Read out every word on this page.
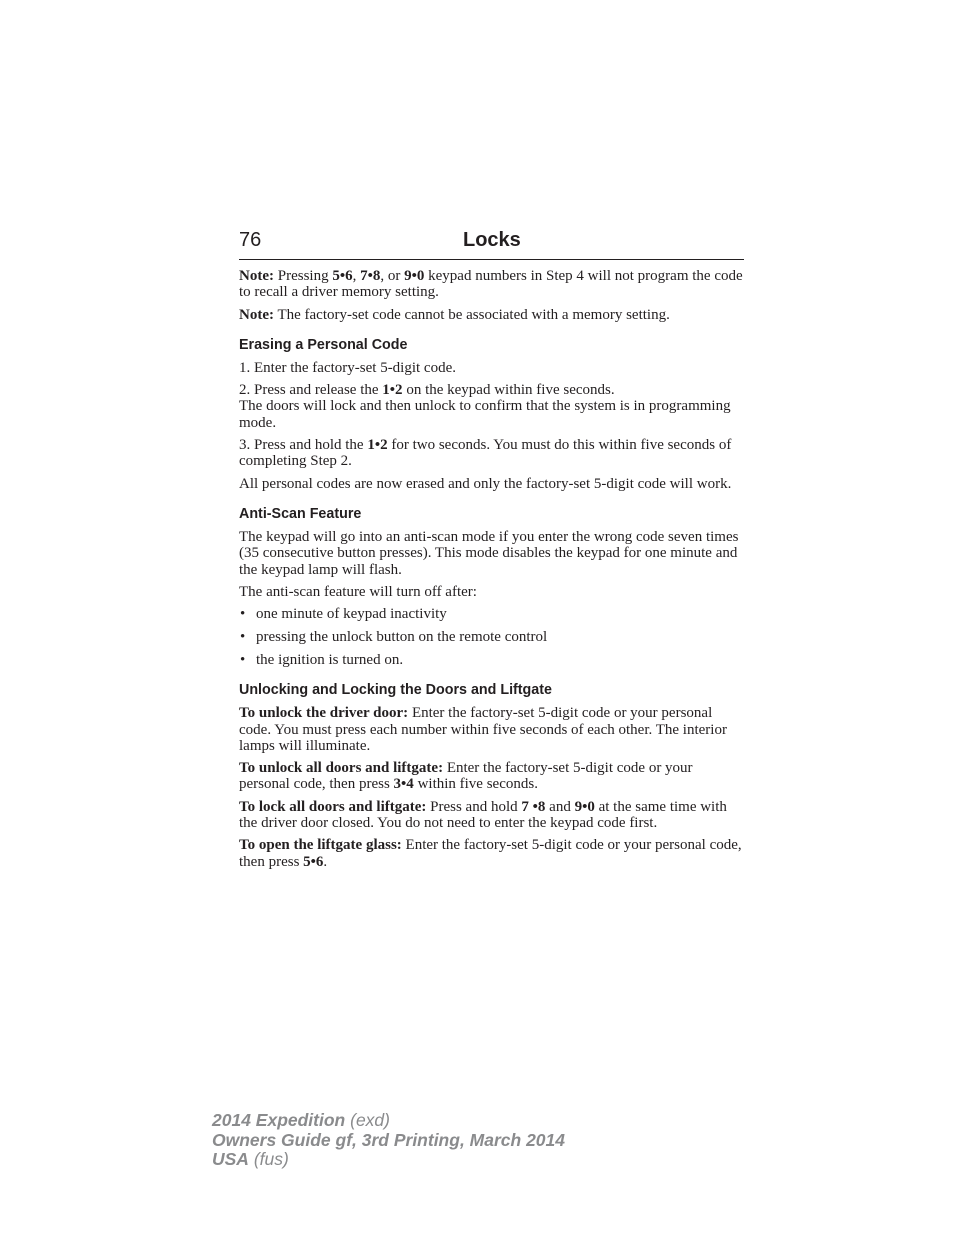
76	Locks

Note: Pressing 5•6, 7•8, or 9•0 keypad numbers in Step 4 will not program the code to recall a driver memory setting.

Note: The factory-set code cannot be associated with a memory setting.

Erasing a Personal Code

1. Enter the factory-set 5-digit code.

2. Press and release the 1•2 on the keypad within five seconds.
The doors will lock and then unlock to confirm that the system is in programming mode.

3. Press and hold the 1•2 for two seconds. You must do this within five seconds of completing Step 2.

All personal codes are now erased and only the factory-set 5-digit code will work.

Anti-Scan Feature

The keypad will go into an anti-scan mode if you enter the wrong code seven times (35 consecutive button presses). This mode disables the keypad for one minute and the keypad lamp will flash.

The anti-scan feature will turn off after:

• one minute of keypad inactivity
• pressing the unlock button on the remote control
• the ignition is turned on.
Unlocking and Locking the Doors and Liftgate

To unlock the driver door: Enter the factory-set 5-digit code or your personal code. You must press each number within five seconds of each other. The interior lamps will illuminate.

To unlock all doors and liftgate: Enter the factory-set 5-digit code or your personal code, then press 3•4 within five seconds.

To lock all doors and liftgate: Press and hold 7 •8 and 9•0 at the same time with the driver door closed. You do not need to enter the keypad code first.

To open the liftgate glass: Enter the factory-set 5-digit code or your personal code, then press 5•6.

2014 Expedition (exd)
Owners Guide gf, 3rd Printing, March 2014
USA (fus)
